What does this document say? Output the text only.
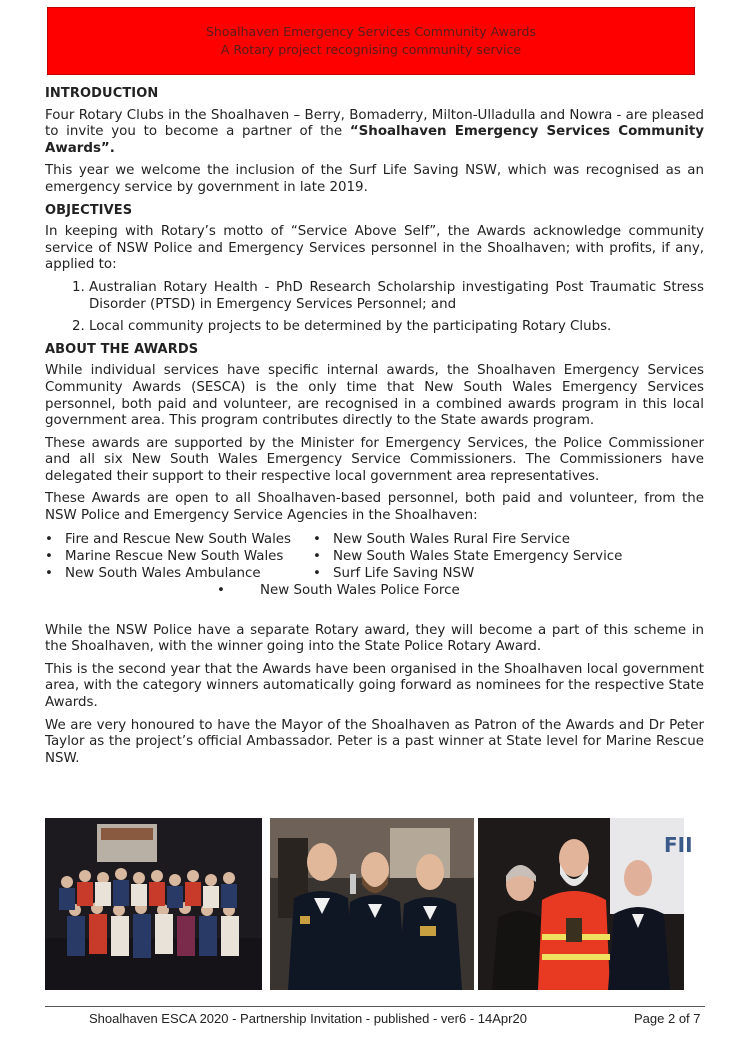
Shoalhaven Emergency Services Community Awards
A Rotary project recognising community service
INTRODUCTION

Four Rotary Clubs in the Shoalhaven – Berry, Bomaderry, Milton-Ulladulla and Nowra - are pleased to invite you to become a partner of the “Shoalhaven Emergency Services Community Awards”.

This year we welcome the inclusion of the Surf Life Saving NSW, which was recognised as an emergency service by government in late 2019.

OBJECTIVES

In keeping with Rotary’s motto of “Service Above Self”, the Awards acknowledge community service of NSW Police and Emergency Services personnel in the Shoalhaven; with profits, if any, applied to:

1. Australian Rotary Health - PhD Research Scholarship investigating Post Traumatic Stress Disorder (PTSD) in Emergency Services Personnel; and
2. Local community projects to be determined by the participating Rotary Clubs.
ABOUT THE AWARDS

While individual services have specific internal awards, the Shoalhaven Emergency Services Community Awards (SESCA) is the only time that New South Wales Emergency Services personnel, both paid and volunteer, are recognised in a combined awards program in this local government area. This program contributes directly to the State awards program.

These awards are supported by the Minister for Emergency Services, the Police Commissioner and all six New South Wales Emergency Service Commissioners. The Commissioners have delegated their support to their respective local government area representatives.

These Awards are open to all Shoalhaven-based personnel, both paid and volunteer, from the NSW Police and Emergency Service Agencies in the Shoalhaven:

• Fire and Rescue New South Wales	• New South Wales Rural Fire Service
• Marine Rescue New South Wales	• New South Wales State Emergency Service
• New South Wales Ambulance	• Surf Life Saving NSW
•	New South Wales Police Force

While the NSW Police have a separate Rotary award, they will become a part of this scheme in the Shoalhaven, with the winner going into the State Police Rotary Award.

This is the second year that the Awards have been organised in the Shoalhaven local government area, with the category winners automatically going forward as nominees for the respective State Awards.

We are very honoured to have the Mayor of the Shoalhaven as Patron of the Awards and Dr Peter Taylor as the project’s official Ambassador. Peter is a past winner at State level for Marine Rescue NSW.

FII
Shoalhaven ESCA 2020 - Partnership Invitation - published - ver6 - 14Apr20	Page 2 of 7
